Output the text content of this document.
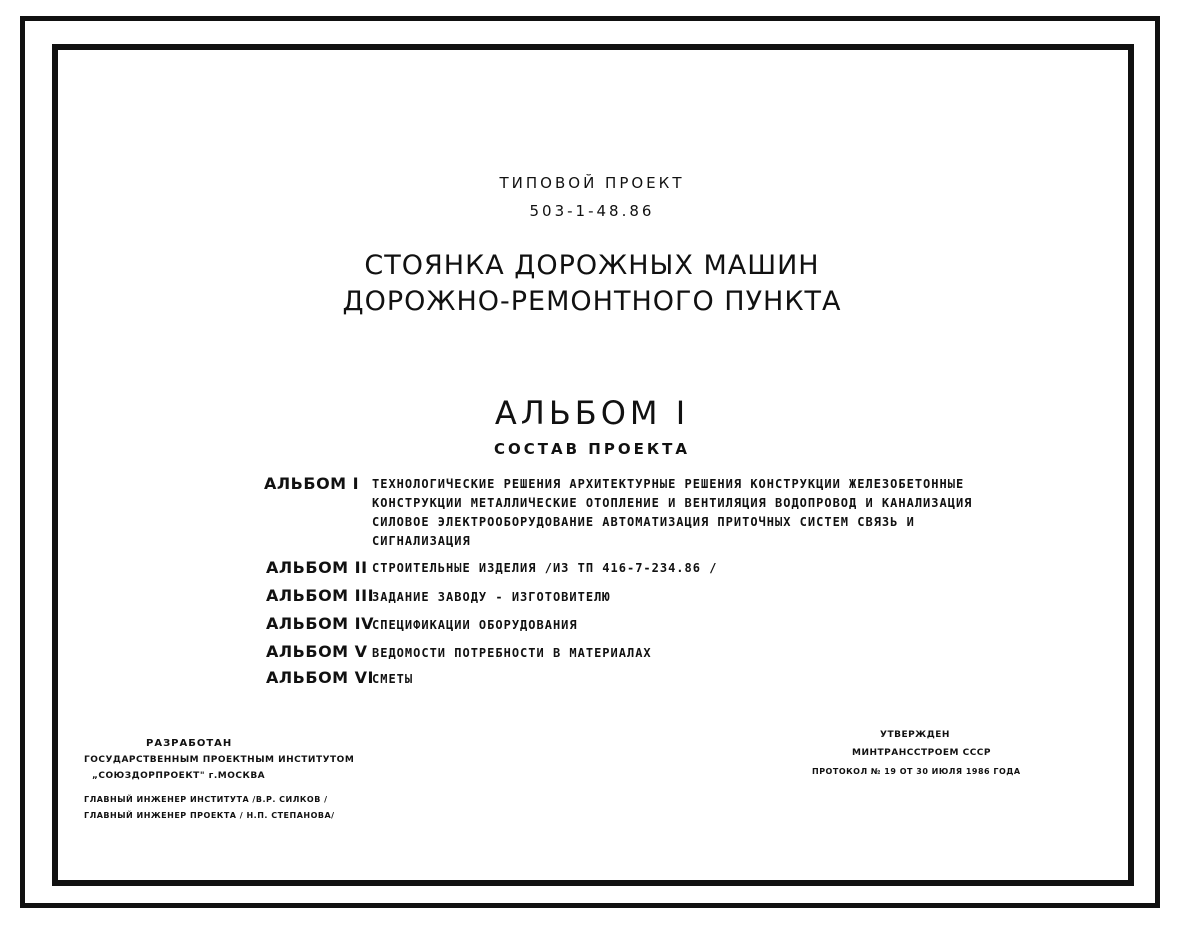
ТИПОВОЙ ПРОЕКТ
503-1-48.86
СТОЯНКА ДОРОЖНЫХ МАШИН
ДОРОЖНО-РЕМОНТНОГО ПУНКТА
АЛЬБОМ I
СОСТАВ ПРОЕКТА
АЛЬБОМ I ТЕХНОЛОГИЧЕСКИЕ РЕШЕНИЯ АРХИТЕКТУРНЫЕ РЕШЕНИЯ КОНСТРУКЦИИ ЖЕЛЕЗОБЕТОННЫЕ
КОНСТРУКЦИИ МЕТАЛЛИЧЕСКИЕ ОТОПЛЕНИЕ И ВЕНТИЛЯЦИЯ ВОДОПРОВОД И КАНАЛИЗАЦИЯ
СИЛОВОЕ ЭЛЕКТРООБОРУДОВАНИЕ АВТОМАТИЗАЦИЯ ПРИТОЧНЫХ СИСТЕМ СВЯЗЬ И
СИГНАЛИЗАЦИЯ
АЛЬБОМ II СТРОИТЕЛЬНЫЕ ИЗДЕЛИЯ /ИЗ ТП 416-7-234.86 /
АЛЬБОМ III
ЗАДАНИЕ ЗАВОДУ - ИЗГОТОВИТЕЛЮ
АЛЬБОМ IV
СПЕЦИФИКАЦИИ ОБОРУДОВАНИЯ
АЛЬБОМ V ВЕДОМОСТИ ПОТРЕБНОСТИ В МАТЕРИАЛАХ
АЛЬБОМ VI
СМЕТЫ
РАЗРАБОТАН
ГОСУДАРСТВЕННЫМ ПРОЕКТНЫМ ИНСТИТУТОМ
„СОЮЗДОРПРОЕКТ" г.МОСКВА
ГЛАВНЫЙ ИНЖЕНЕР ИНСТИТУТА /В.Р. СИЛКОВ /
ГЛАВНЫЙ ИНЖЕНЕР ПРОЕКТА / Н.П. СТЕПАНОВА/
УТВЕРЖДЕН
МИНТРАНССТРОЕМ СССР
ПРОТОКОЛ № 19 ОТ 30 ИЮЛЯ 1986 ГОДА
